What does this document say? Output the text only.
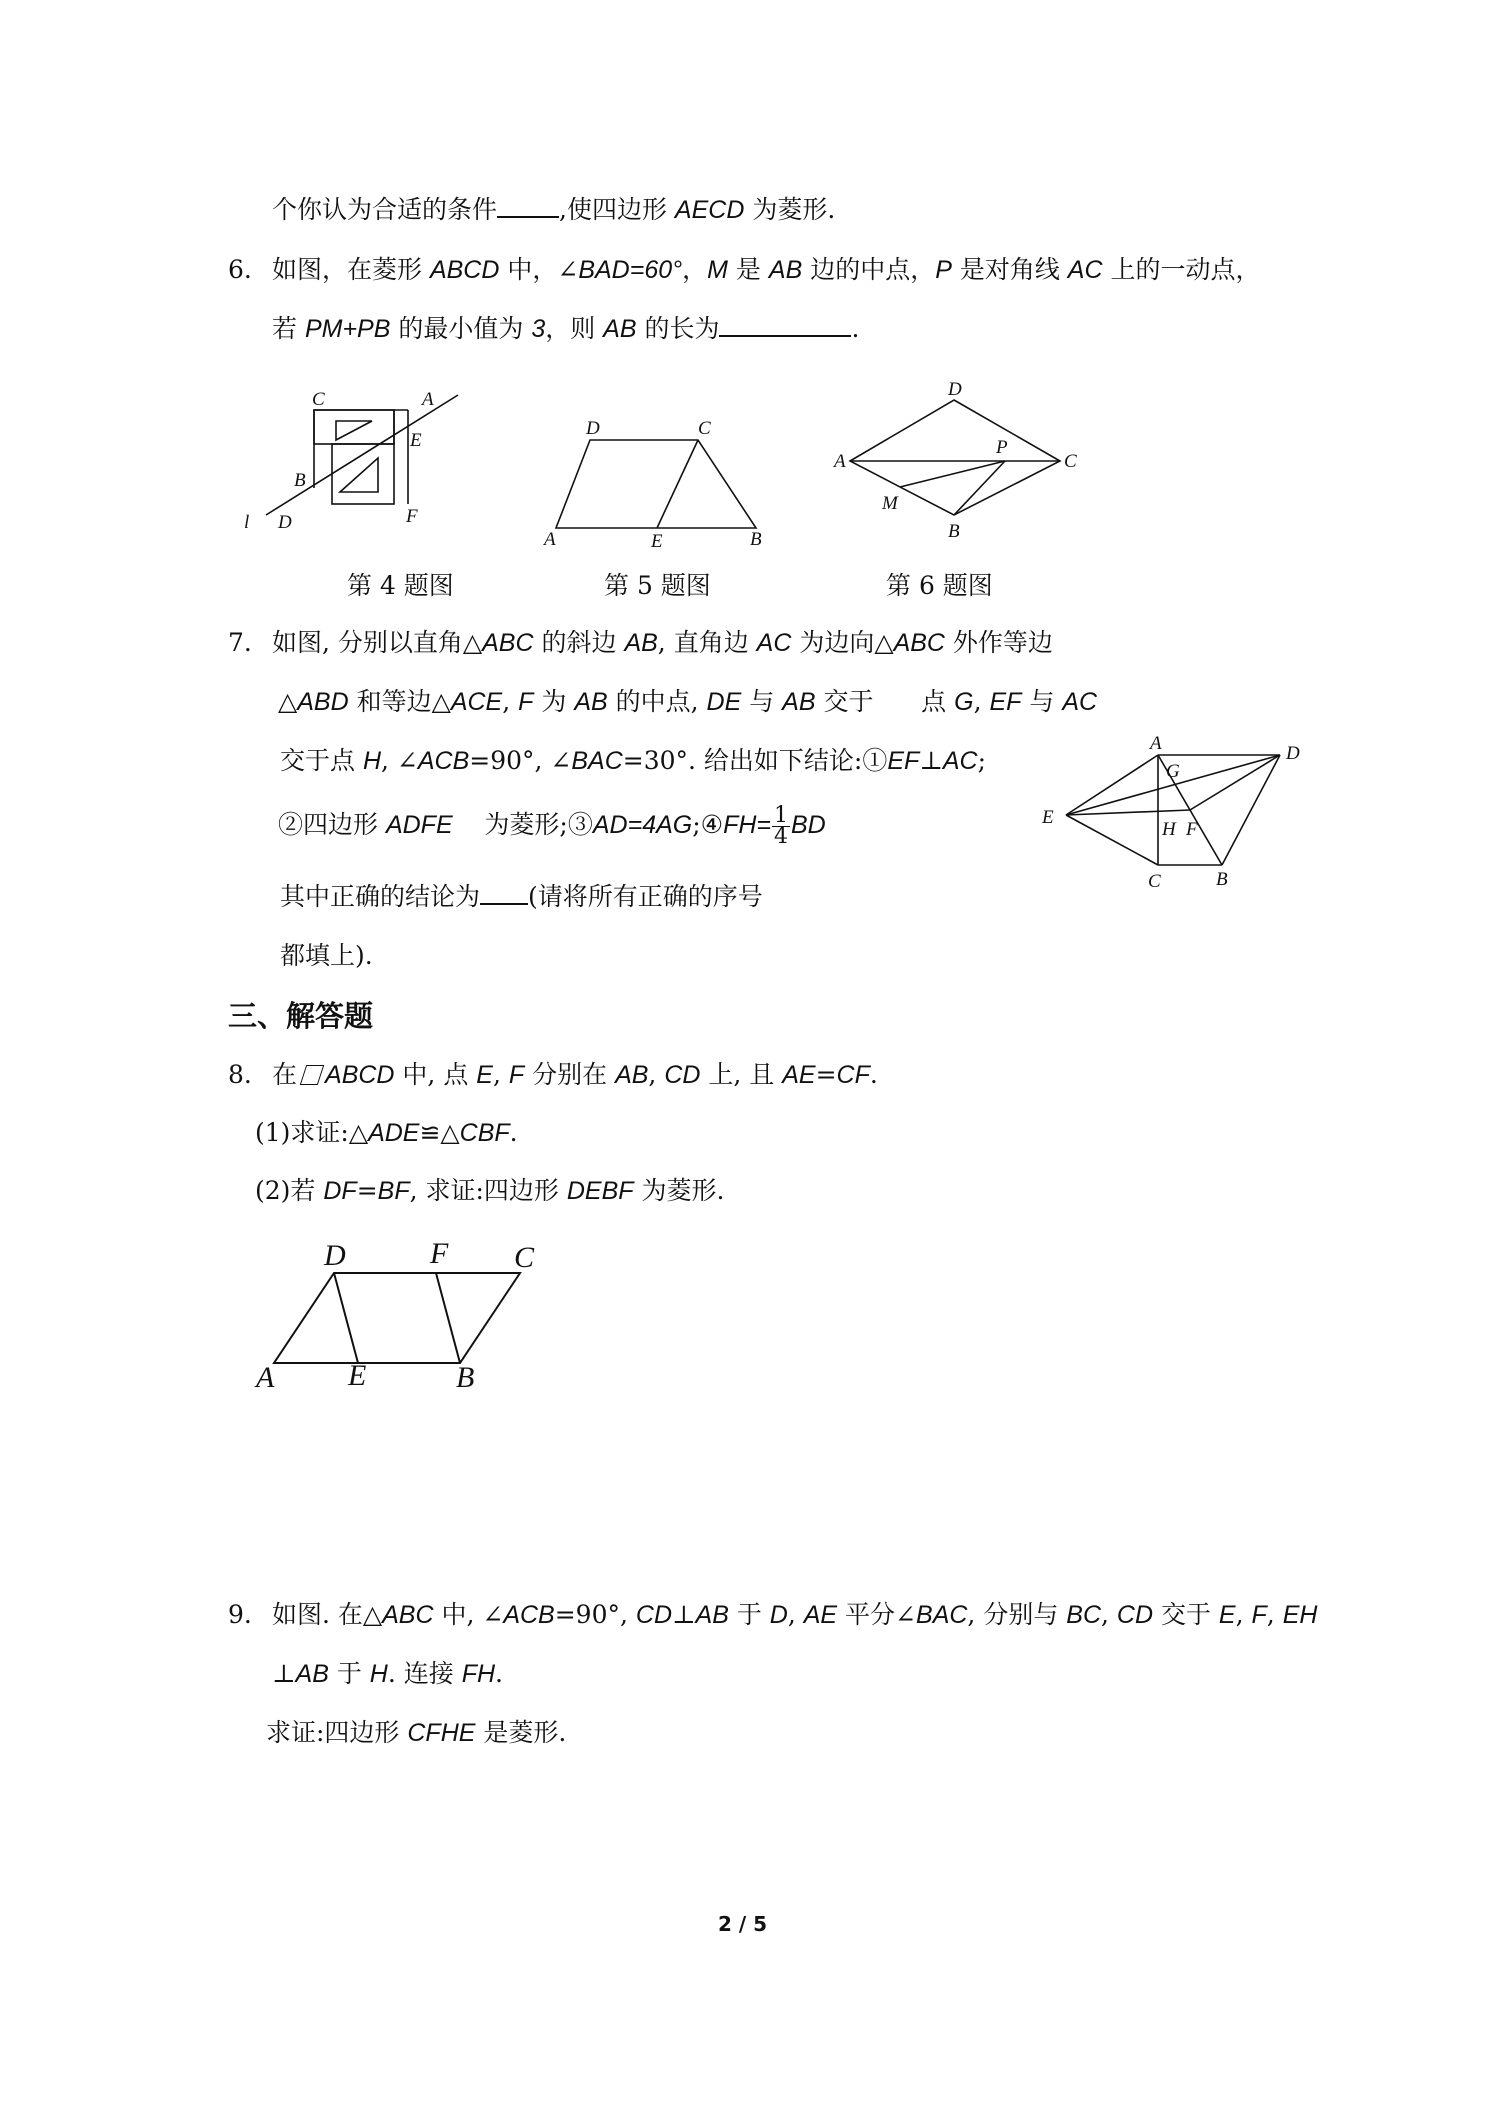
个你认为合适的条件 ,使四边形 AECD 为菱形.
6. 如图，在菱形 ABCD 中，∠BAD=60°，M 是 AB 边的中点，P 是对角线 AC 上的一动点，
若 PM+PB 的最小值为 3，则 AB 的长为	.
C	A
E
B
l D	F
D	C
A	E	B
D
A
P
C
M
B
第 4 题图	第 5 题图	第 6 题图
7. 如图, 分别以直角△ABC 的斜边 AB, 直角边 AC 为边向△ABC 外作等边
△ABD 和等边△ACE, F 为 AB 的中点, DE 与 AB 交于      点 G, EF 与 AC
交于点 H, ∠ACB=90°, ∠BAC=30°. 给出如下结论:①EF⊥AC;
②四边形 ADFE    为菱形;③AD=4AG;④FH= $\frac{1}{4}$ BD
其中正确的结论为 (请将所有正确的序号
都填上).
A
G
D
E
H F
C	B
三、解答题
8. 在 ABCD 中, 点 E, F 分别在 AB, CD 上, 且 AE=CF.
(1)求证:△ADE≌△CBF.
(2)若 DF=BF, 求证:四边形 DEBF 为菱形.
D	F C
A E	B
9. 如图. 在△ABC 中, ∠ACB=90°, CD⊥AB 于 D, AE 平分∠BAC, 分别与 BC, CD 交于 E, F, EH
⊥AB 于 H. 连接 FH.
求证:四边形 CFHE 是菱形.
2 / 5
